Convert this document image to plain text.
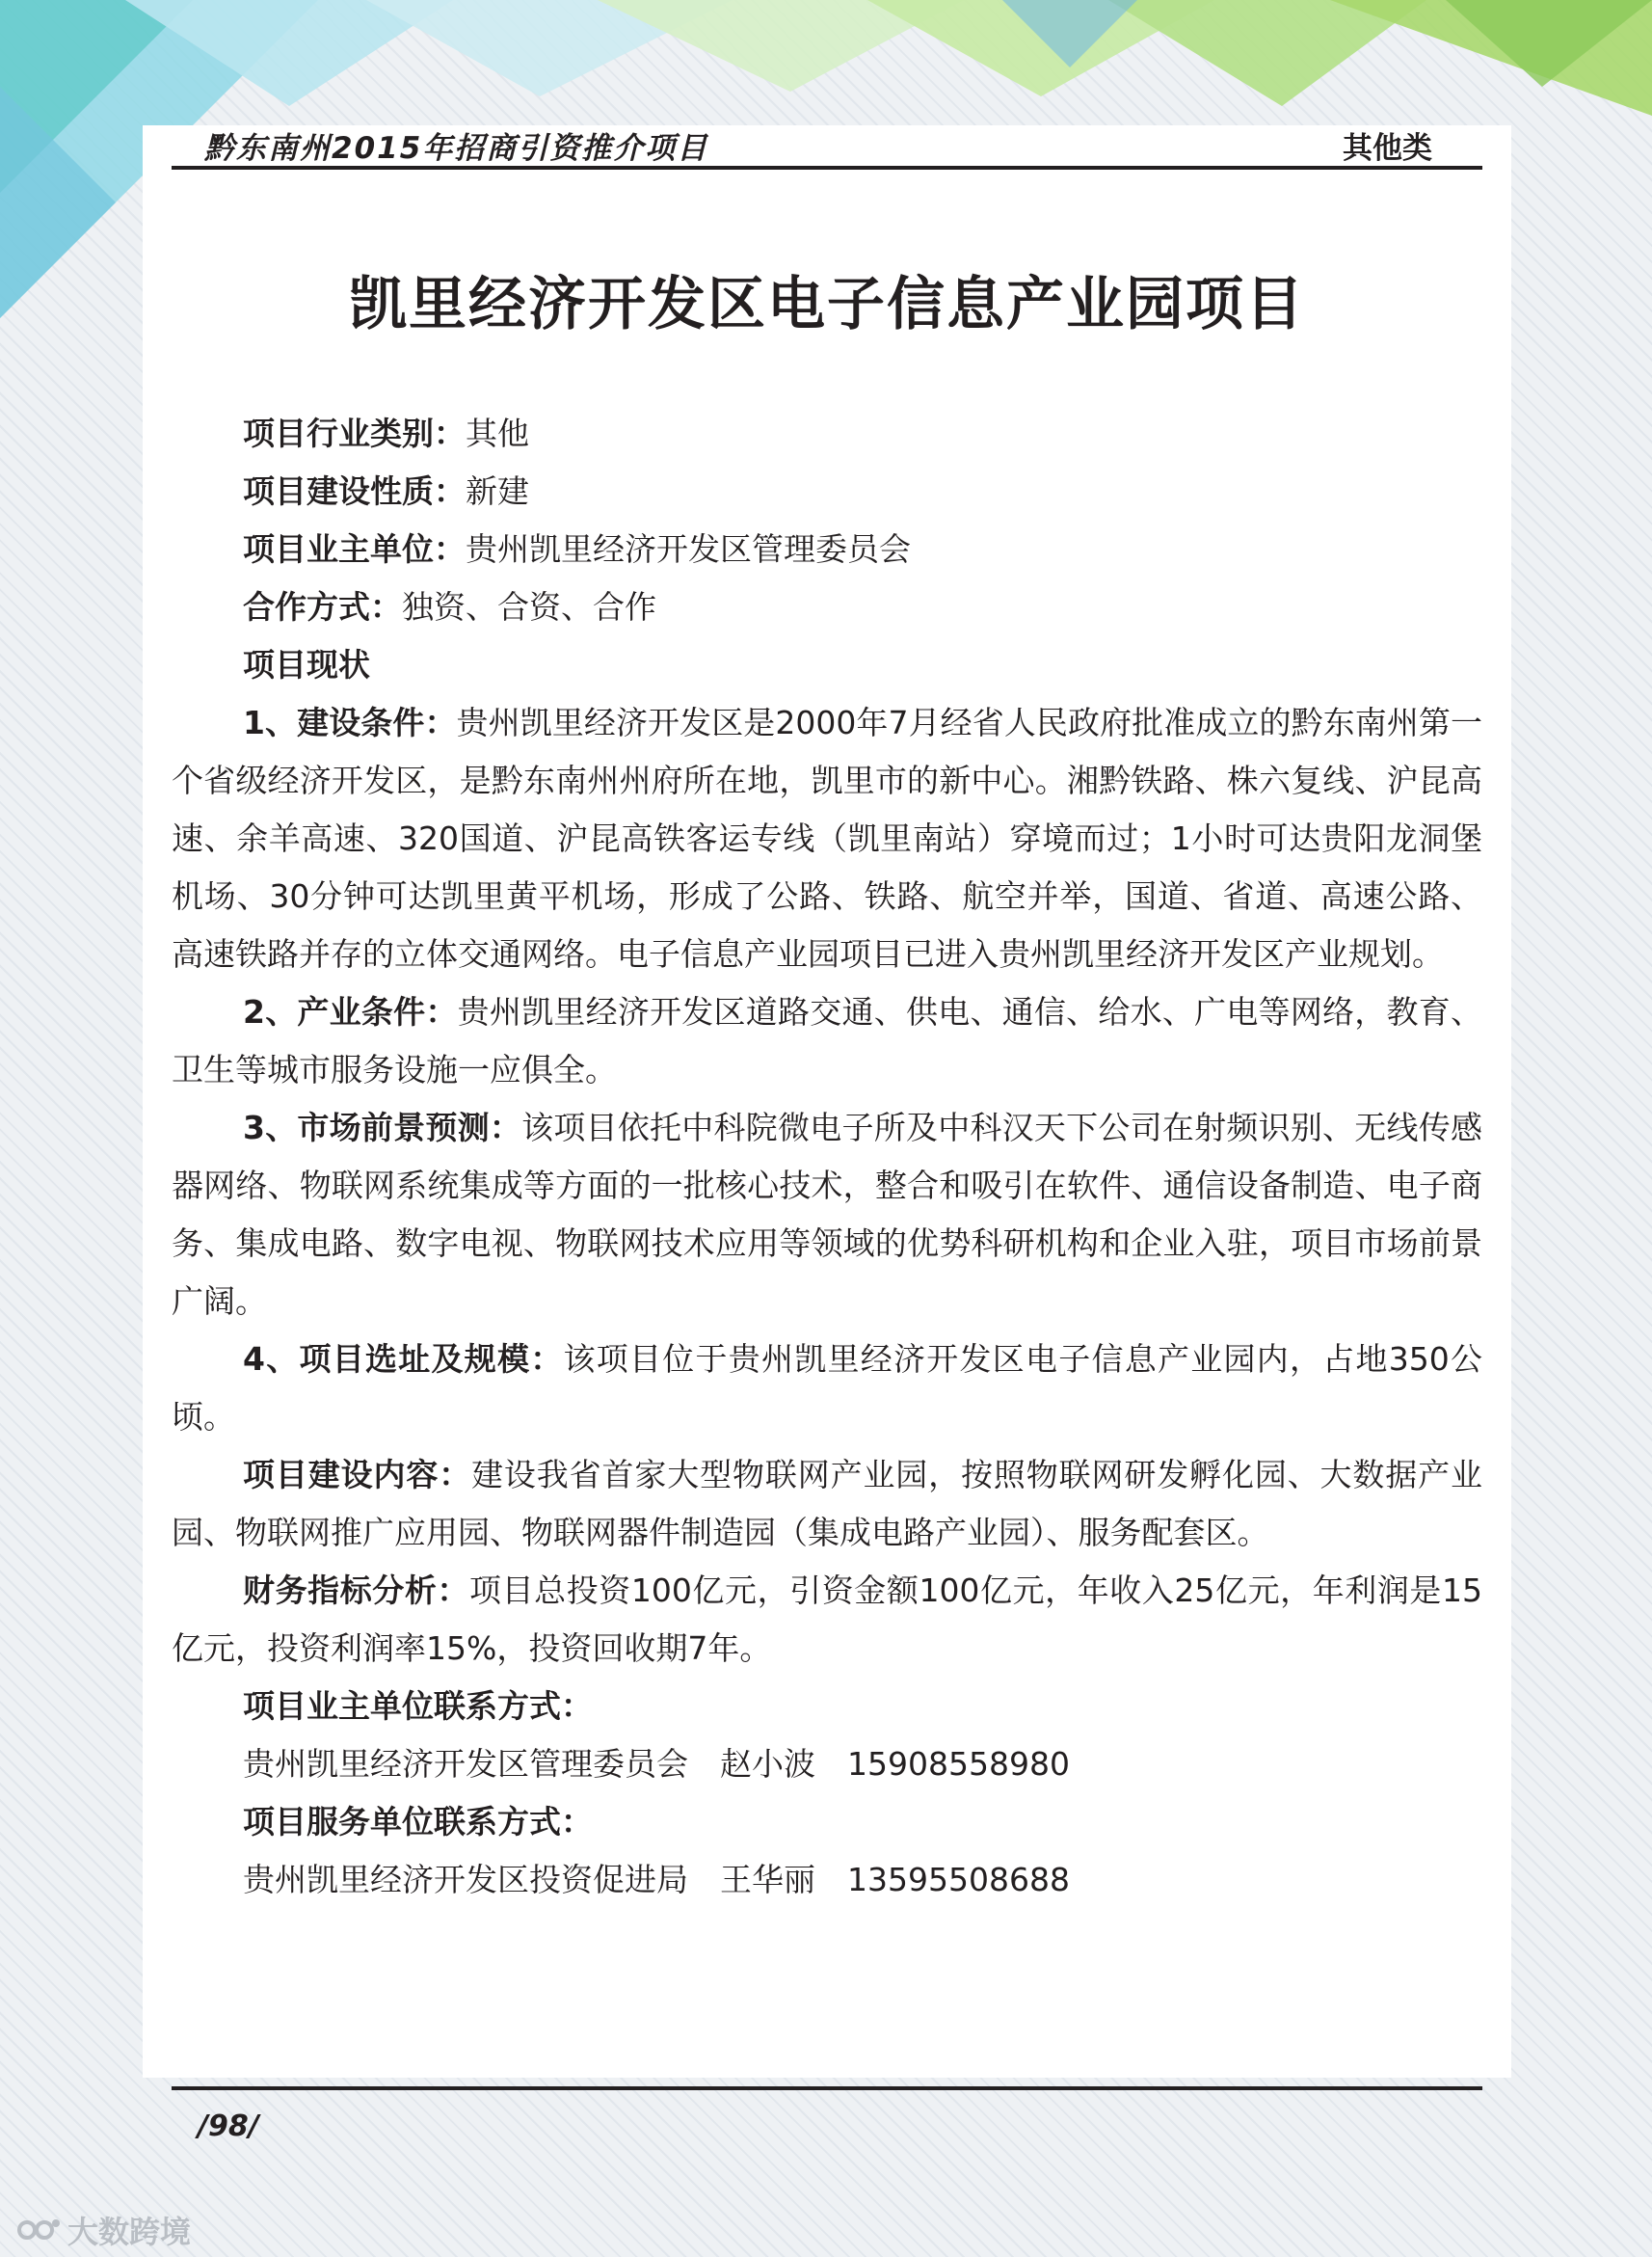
黔东南州2015年招商引资推介项目	其他类
凯里经济开发区电子信息产业园项目
项目行业类别：其他
项目建设性质：新建
项目业主单位：贵州凯里经济开发区管理委员会
合作方式：独资、合资、合作
项目现状
1、建设条件：贵州凯里经济开发区是2000年7月经省人民政府批准成立的黔东南州第一个省级经济开发区，是黔东南州州府所在地，凯里市的新中心。湘黔铁路、株六复线、沪昆高速、余羊高速、320国道、沪昆高铁客运专线（凯里南站）穿境而过；1小时可达贵阳龙洞堡机场、30分钟可达凯里黄平机场，形成了公路、铁路、航空并举，国道、省道、高速公路、高速铁路并存的立体交通网络。电子信息产业园项目已进入贵州凯里经济开发区产业规划。
2、产业条件：贵州凯里经济开发区道路交通、供电、通信、给水、广电等网络，教育、卫生等城市服务设施一应俱全。
3、市场前景预测：该项目依托中科院微电子所及中科汉天下公司在射频识别、无线传感器网络、物联网系统集成等方面的一批核心技术，整合和吸引在软件、通信设备制造、电子商务、集成电路、数字电视、物联网技术应用等领域的优势科研机构和企业入驻，项目市场前景广阔。
4、项目选址及规模：该项目位于贵州凯里经济开发区电子信息产业园内，占地350公顷。
项目建设内容：建设我省首家大型物联网产业园，按照物联网研发孵化园、大数据产业园、物联网推广应用园、物联网器件制造园（集成电路产业园）、服务配套区。
财务指标分析：项目总投资100亿元，引资金额100亿元，年收入25亿元，年利润是15亿元，投资利润率15%，投资回收期7年。
项目业主单位联系方式：
贵州凯里经济开发区管理委员会　赵小波　15908558980
项目服务单位联系方式：
贵州凯里经济开发区投资促进局　王华丽　13595508688
/98/
大数跨境
